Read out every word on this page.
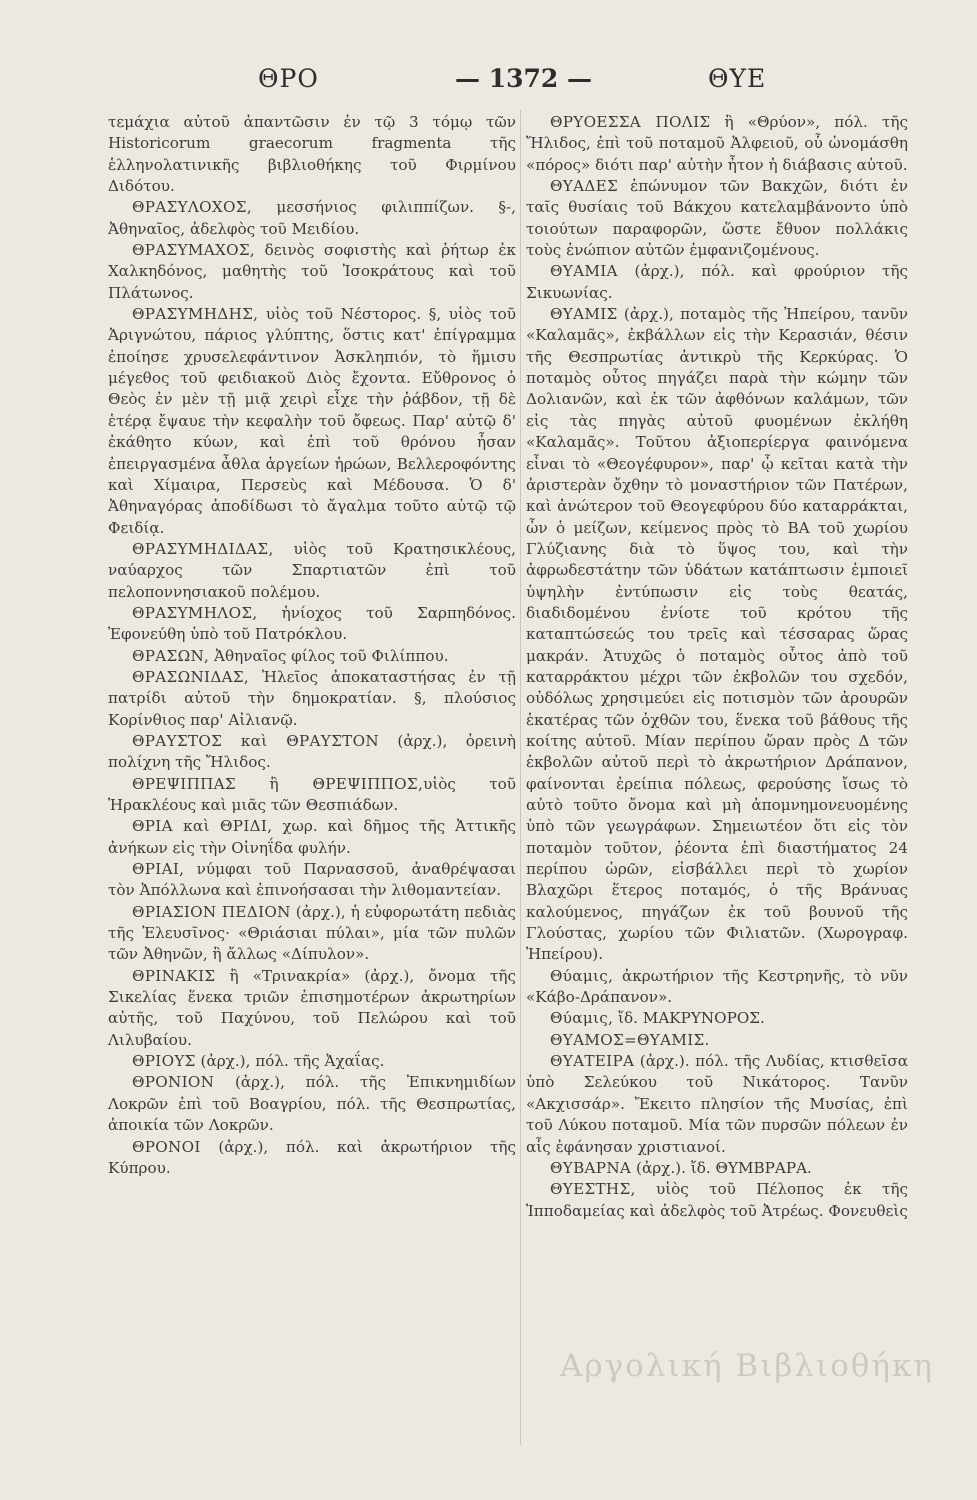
ΘΡΟ	— 1372 —	ΘΥΕ

τεμάχια αὐτοῦ ἀπαντῶσιν ἐν τῷ 3 τόμῳ τῶν Historicorum graecorum fragmenta τῆς ἑλληνολατινικῆς βιβλιοθήκης τοῦ Φιρμίνου Διδότου.

ΘΡΑΣΥΛΟΧΟΣ, μεσσήνιος φιλιππίζων. §-, Ἀθηναῖος, ἀδελφὸς τοῦ Μειδίου.

ΘΡΑΣΥΜΑΧΟΣ, δεινὸς σοφιστὴς καὶ ῥήτωρ ἐκ Χαλκηδόνος, μαθητὴς τοῦ Ἰσοκράτους καὶ τοῦ Πλάτωνος.

ΘΡΑΣΥΜΗΔΗΣ, υἱὸς τοῦ Νέστορος. §, υἱὸς τοῦ Ἀριγνώτου, πάριος γλύπτης, ὅστις κατ' ἐπίγραμμα ἐποίησε χρυσελεφάντινον Ἀσκληπιόν, τὸ ἥμισυ μέγεθος τοῦ φειδιακοῦ Διὸς ἔχοντα. Εὔθρονος ὁ Θεὸς ἐν μὲν τῇ μιᾷ χειρὶ εἶχε τὴν ῥάβδον, τῇ δὲ ἑτέρᾳ ἔψαυε τὴν κεφαλὴν τοῦ ὄφεως. Παρ' αὐτῷ δ' ἐκάθητο κύων, καὶ ἐπὶ τοῦ θρόνου ἦσαν ἐπειργασμένα ἆθλα ἀργείων ἡρώων, Βελλεροφόντης καὶ Χίμαιρα, Περσεὺς καὶ Μέδουσα. Ὁ δ' Ἀθηναγόρας ἀποδίδωσι τὸ ἄγαλμα τοῦτο αὐτῷ τῷ Φειδίᾳ.

ΘΡΑΣΥΜΗΔΙΔΑΣ, υἱὸς τοῦ Κρατησικλέους, ναύαρχος τῶν Σπαρτιατῶν ἐπὶ τοῦ πελοποννησιακοῦ πολέμου.

ΘΡΑΣΥΜΗΛΟΣ, ἡνίοχος τοῦ Σαρπηδόνος. Ἐφονεύθη ὑπὸ τοῦ Πατρόκλου.

ΘΡΑΣΩΝ, Ἀθηναῖος φίλος τοῦ Φιλίππου.

ΘΡΑΣΩΝΙΔΑΣ, Ἠλεῖος ἀποκαταστήσας ἐν τῇ πατρίδι αὐτοῦ τὴν δημοκρατίαν. §, πλούσιος Κορίνθιος παρ' Αἰλιανῷ.

ΘΡΑΥΣΤΟΣ καὶ ΘΡΑΥΣΤΟΝ (ἀρχ.), ὀρεινὴ πολίχνη τῆς Ἤλιδος.

ΘΡΕΨΙΠΠΑΣ ἢ ΘΡΕΨΙΠΠΟΣ,υἱὸς τοῦ Ἡρακλέους καὶ μιᾶς τῶν Θεσπιάδων.

ΘΡΙΑ καὶ ΘΡΙΔΙ, χωρ. καὶ δῆμος τῆς Ἀττικῆς ἀνήκων εἰς τὴν Οἰνηΐδα φυλήν.

ΘΡΙΑΙ, νύμφαι τοῦ Παρνασσοῦ, ἀναθρέψασαι τὸν Ἀπόλλωνα καὶ ἐπινοήσασαι τὴν λιθομαντείαν.

ΘΡΙΑΣΙΟΝ ΠΕΔΙΟΝ (ἀρχ.), ἡ εὐφορωτάτη πεδιὰς τῆς Ἐλευσῖνος· «Θριάσιαι πύλαι», μία τῶν πυλῶν τῶν Ἀθηνῶν, ἢ ἄλλως «Δίπυλον».

ΘΡΙΝΑΚΙΣ ἢ «Τρινακρία» (ἀρχ.), ὄνομα τῆς Σικελίας ἕνεκα τριῶν ἐπισημοτέρων ἀκρωτηρίων αὐτῆς, τοῦ Παχύνου, τοῦ Πελώρου καὶ τοῦ Λιλυβαίου.

ΘΡΙΟΥΣ (ἀρχ.), πόλ. τῆς Ἀχαΐας.

ΘΡΟΝΙΟΝ (ἀρχ.), πόλ. τῆς Ἐπικνημιδίων Λοκρῶν ἐπὶ τοῦ Βοαγρίου, πόλ. τῆς Θεσπρωτίας, ἀποικία τῶν Λοκρῶν.

ΘΡΟΝΟΙ (ἀρχ.), πόλ. καὶ ἀκρωτήριον τῆς Κύπρου.

ΘΡΥΟΕΣΣΑ ΠΟΛΙΣ ἢ «Θρύον», πόλ. τῆς Ἤλιδος, ἐπὶ τοῦ ποταμοῦ Ἀλφειοῦ, οὗ ὠνομάσθη «πόρος» διότι παρ' αὐτὴν ἦτον ἡ διάβασις αὐτοῦ.

ΘΥΑΔΕΣ ἐπώνυμον τῶν Βακχῶν, διότι ἐν ταῖς θυσίαις τοῦ Βάκχου κατελαμβάνοντο ὑπὸ τοιούτων παραφορῶν, ὥστε ἔθυον πολλάκις τοὺς ἐνώπιον αὐτῶν ἐμφανιζομένους.

ΘΥΑΜΙΑ (ἀρχ.), πόλ. καὶ φρούριον τῆς Σικυωνίας.

ΘΥΑΜΙΣ (ἀρχ.), ποταμὸς τῆς Ἠπείρου, τανῦν «Καλαμᾶς», ἐκβάλλων εἰς τὴν Κερασιάν, θέσιν τῆς Θεσπρωτίας ἀντικρὺ τῆς Κερκύρας. Ὁ ποταμὸς οὗτος πηγάζει παρὰ τὴν κώμην τῶν Δολιανῶν, καὶ ἐκ τῶν ἀφθόνων καλάμων, τῶν εἰς τὰς πηγὰς αὐτοῦ φυομένων ἐκλήθη «Καλαμᾶς». Τοῦτου ἀξιοπερίεργα φαινόμενα εἶναι τὸ «Θεογέφυρον», παρ' ᾧ κεῖται κατὰ τὴν ἀριστερὰν ὄχθην τὸ μοναστήριον τῶν Πατέρων, καὶ ἀνώτερον τοῦ Θεογεφύρου δύο καταρράκται, ὧν ὁ μείζων, κείμενος πρὸς τὸ ΒΑ τοῦ χωρίου Γλύζιανης διὰ τὸ ὕψος του, καὶ τὴν ἀφρωδεστάτην τῶν ὑδάτων κατάπτωσιν ἐμποιεῖ ὑψηλὴν ἐντύπωσιν εἰς τοὺς θεατάς, διαδιδομένου ἐνίοτε τοῦ κρότου τῆς καταπτώσεώς του τρεῖς καὶ τέσσαρας ὥρας μακράν. Ἀτυχῶς ὁ ποταμὸς οὗτος ἀπὸ τοῦ καταρράκτου μέχρι τῶν ἐκβολῶν του σχεδόν, οὐδόλως χρησιμεύει εἰς ποτισμὸν τῶν ἀρουρῶν ἑκατέρας τῶν ὀχθῶν του, ἕνεκα τοῦ βάθους τῆς κοίτης αὐτοῦ. Μίαν περίπου ὥραν πρὸς Δ τῶν ἐκβολῶν αὐτοῦ περὶ τὸ ἀκρωτήριον Δράπανον, φαίνονται ἐρείπια πόλεως, φερούσης ἴσως τὸ αὐτὸ τοῦτο ὄνομα καὶ μὴ ἀπομνημονευομένης ὑπὸ τῶν γεωγράφων. Σημειωτέον ὅτι εἰς τὸν ποταμὸν τοῦτον, ῥέοντα ἐπὶ διαστήματος 24 περίπου ὡρῶν, εἰσβάλλει περὶ τὸ χωρίον Βλαχῶρι ἕτερος ποταμός, ὁ τῆς Βράνυας καλούμενος, πηγάζων ἐκ τοῦ βουνοῦ τῆς Γλούστας, χωρίου τῶν Φιλιατῶν. (Χωρογραφ. Ἠπείρου).

Θύαμις, ἀκρωτήριον τῆς Κεστρηνῆς, τὸ νῦν «Κάβο-Δράπανον».

Θύαμις, ἴδ. ΜΑΚΡΥΝΟΡΟΣ.

ΘΥΑΜΟΣ=ΘΥΑΜΙΣ.

ΘΥΑΤΕΙΡΑ (ἀρχ.). πόλ. τῆς Λυδίας, κτισθεῖσα ὑπὸ Σελεύκου τοῦ Νικάτορος. Τανῦν «Ακχισσάρ». Ἔκειτο πλησίον τῆς Μυσίας, ἐπὶ τοῦ Λύκου ποταμοῦ. Μία τῶν πυρσῶν πόλεων ἐν αἷς ἐφάνησαν χριστιανοί.

ΘΥΒΑΡΝΑ (ἀρχ.). ἴδ. ΘΥΜΒΡΑΡΑ.

ΘΥΕΣΤΗΣ, υἱὸς τοῦ Πέλοπος ἐκ τῆς Ἱπποδαμείας καὶ ἀδελφὸς τοῦ Ἀτρέως. Φονευθεὶς

Αργολική Βιβλιοθήκη
